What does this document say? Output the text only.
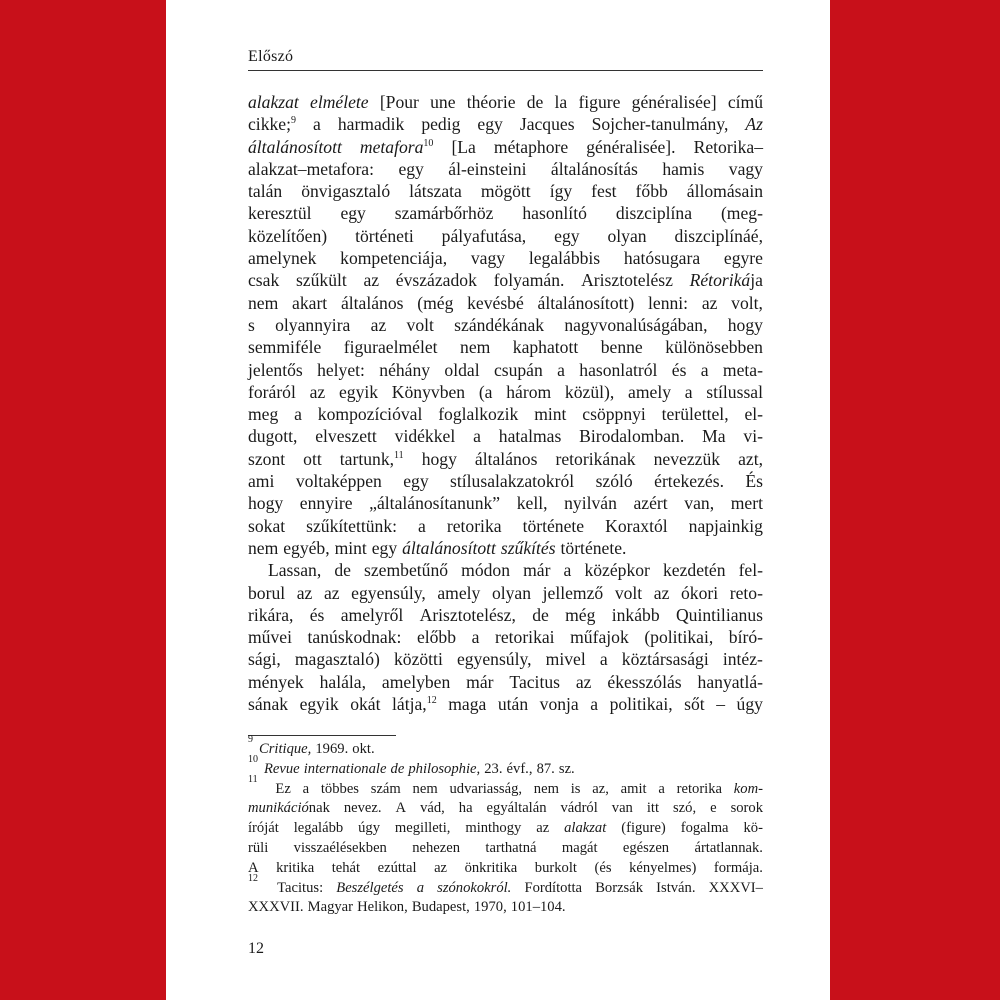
Előszó
alakzat elmélete [Pour une théorie de la figure généralisée] című
cikke;$^9$ a harmadik pedig egy Jacques Sojcher-tanulmány, Az
általánosított metafora$^{10}$ [La métaphore généralisée]. Retorika–
alakzat–metafora: egy ál-einsteini általánosítás hamis vagy
talán önvigasztaló látszata mögött így fest főbb állomásain
keresztül egy szamárbőrhöz hasonlító diszciplína (meg-
közelítően) történeti pályafutása, egy olyan diszciplínáé,
amelynek kompetenciája, vagy legalábbis hatósugara egyre
csak szűkült az évszázadok folyamán. Arisztotelész Rétorikája
nem akart általános (még kevésbé általánosított) lenni: az volt,
s olyannyira az volt szándékának nagyvonalúságában, hogy
semmiféle figuraelmélet nem kaphatott benne különösebben
jelentős helyet: néhány oldal csupán a hasonlatról és a meta-
foráról az egyik Könyvben (a három közül), amely a stílussal
meg a kompozícióval foglalkozik mint csöppnyi területtel, el-
dugott, elveszett vidékkel a hatalmas Birodalomban. Ma vi-
szont ott tartunk,$^{11}$ hogy általános retorikának nevezzük azt,
ami voltaképpen egy stílusalakzatokról szóló értekezés. És
hogy ennyire „általánosítanunk” kell, nyilván azért van, mert
sokat szűkítettünk: a retorika története Koraxtól napjainkig
nem egyéb, mint egy általánosított szűkítés története.
Lassan, de szembetűnő módon már a középkor kezdetén fel-
borul az az egyensúly, amely olyan jellemző volt az ókori reto-
rikára, és amelyről Arisztotelész, de még inkább Quintilianus
művei tanúskodnak: előbb a retorikai műfajok (politikai, bíró-
sági, magasztaló) közötti egyensúly, mivel a köztársasági intéz-
mények halála, amelyben már Tacitus az ékesszólás hanyatlá-
sának egyik okát látja,$^{12}$ maga után vonja a politikai, sőt – úgy
9
Critique, 1969. okt.
10
Revue internationale de philosophie, 23. évf., 87. sz.
11
Ez a többes szám nem udvariasság, nem is az, amit a retorika kom-
munikációnak nevez. A vád, ha egyáltalán vádról van itt szó, e sorok
íróját legalább úgy megilleti, minthogy az alakzat (figure) fogalma kö-
rüli visszaélésekben nehezen tarthatná magát egészen ártatlannak.
A kritika tehát ezúttal az önkritika burkolt (és kényelmes) formája.
12
Tacitus: Beszélgetés a szónokokról. Fordította Borzsák István. XXXVI–
XXXVII. Magyar Helikon, Budapest, 1970, 101–104.
12
